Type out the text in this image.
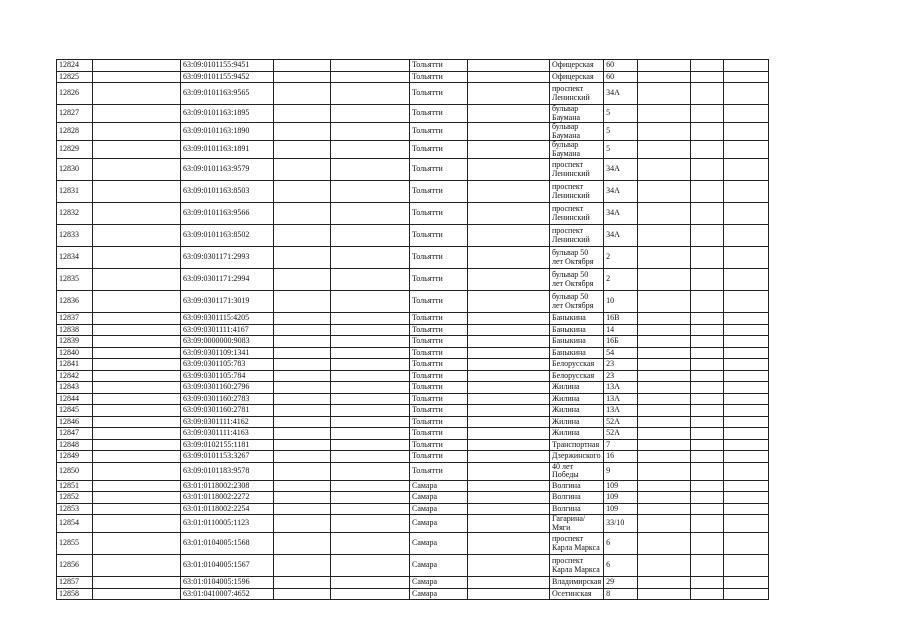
12824		63:09:0101155:9451			Тольятти		Офицерская	60			
12825		63:09:0101155:9452			Тольятти		Офицерская	60			
12826		63:09:0101163:9565			Тольятти		проспект Ленинский	34А			
12827		63:09:0101163:1895			Тольятти		бульвар Баумана	5			
12828		63:09:0101163:1890			Тольятти		бульвар Баумана	5			
12829		63:09:0101163:1891			Тольятти		бульвар Баумана	5			
12830		63:09:0101163:9579			Тольятти		проспект Ленинский	34А			
12831		63:09:0101163:8503			Тольятти		проспект Ленинский	34А			
12832		63:09:0101163:9566			Тольятти		проспект Ленинский	34А			
12833		63:09:0101163:8502			Тольятти		проспект Ленинский	34А			
12834		63:09:0301171:2993			Тольятти		бульвар 50 лет Октября	2			
12835		63:09:0301171:2994			Тольятти		бульвар 50 лет Октября	2			
12836		63:09:0301171:3019			Тольятти		бульвар 50 лет Октября	10			
12837		63:09:0301115:4205			Тольятти		Баныкина	16В			
12838		63:09:0301111:4167			Тольятти		Баныкина	14			
12839		63:09:0000000:9083			Тольятти		Баныкина	16Б			
12840		63:09:0301109:1341			Тольятти		Баныкина	54			
12841		63:09:0301105:783			Тольятти		Белорусская	23			
12842		63:09:0301105:784			Тольятти		Белорусская	23			
12843		63:09:0301160:2796			Тольятти		Жилина	13А			
12844		63:09:0301160:2783			Тольятти		Жилина	13А			
12845		63:09:0301160:2781			Тольятти		Жилина	13А			
12846		63:09:0301111:4162			Тольятти		Жилина	52А			
12847		63:09:0301111:4163			Тольятти		Жилина	52А			
12848		63:09:0102155:1181			Тольятти		Транспортная	7			
12849		63:09:0101153:3267			Тольятти		Дзержинского	16			
12850		63:09:0101183:9578			Тольятти		40 лет Победы	9			
12851		63:01:0118002:2308			Самара		Волгина	109			
12852		63:01:0118002:2272			Самара		Волгина	109			
12853		63:01:0118002:2254			Самара		Волгина	109			
12854		63:01:0110005:1123			Самара		Гагарина/Мяги	33/10			
12855		63:01:0104005:1568			Самара		проспект Карла Маркса	6			
12856		63:01:0104005:1567			Самара		проспект Карла Маркса	6			
12857		63:01:0104005:1596			Самара		Владимирская	29			
12858		63:01:0410007:4652			Самара		Осетинская	8			
